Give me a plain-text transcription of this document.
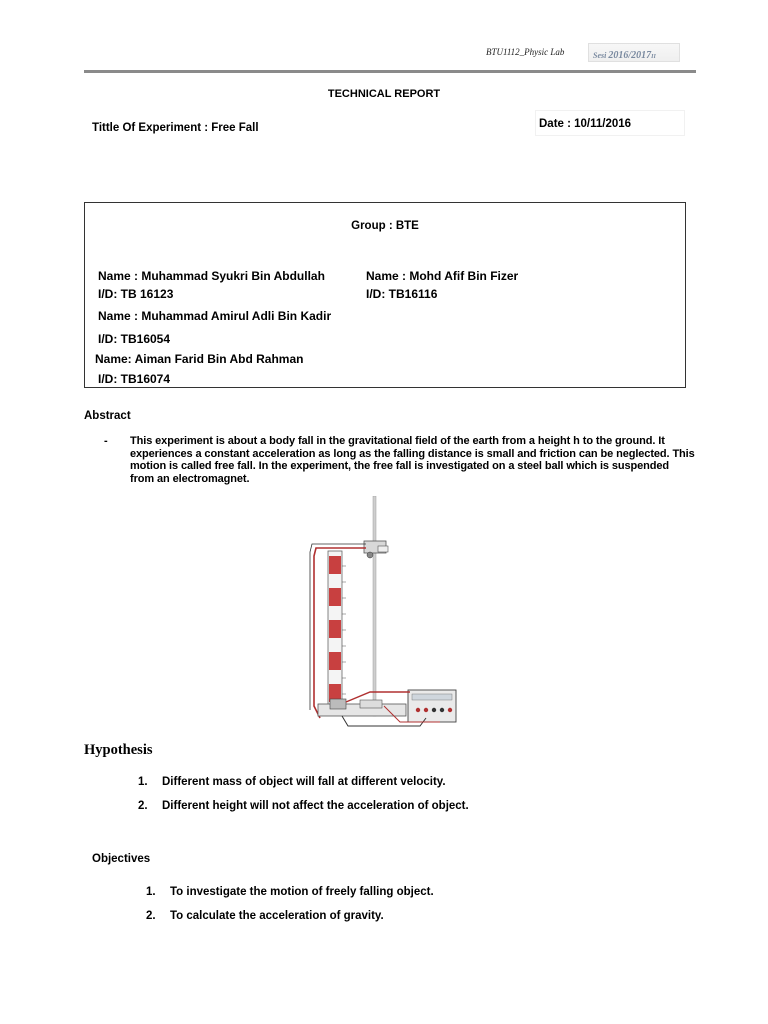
BTU1112_Physic Lab	Sesi 2016/2017II
TECHNICAL REPORT
Tittle Of Experiment : Free Fall	Date : 10/11/2016
Group : BTE
Name : Muhammad Syukri Bin Abdullah
I/D: TB 16123
Name : Mohd Afif Bin Fizer
I/D: TB16116
Name : Muhammad Amirul Adli Bin Kadir
I/D: TB16054
Name: Aiman Farid Bin Abd Rahman
I/D: TB16074
Abstract
- This experiment is about a body fall in the gravitational field of the earth from a height h to the ground. It experiences a constant acceleration as long as the falling distance is small and friction can be neglected. This motion is called free fall. In the experiment, the free fall is investigated on a steel ball which is suspended from an electromagnet.
Hypothesis
1. Different mass of object will fall at different velocity.
2. Different height will not affect the acceleration of object.
Objectives
1. To investigate the motion of freely falling object.
2. To calculate the acceleration of gravity.
